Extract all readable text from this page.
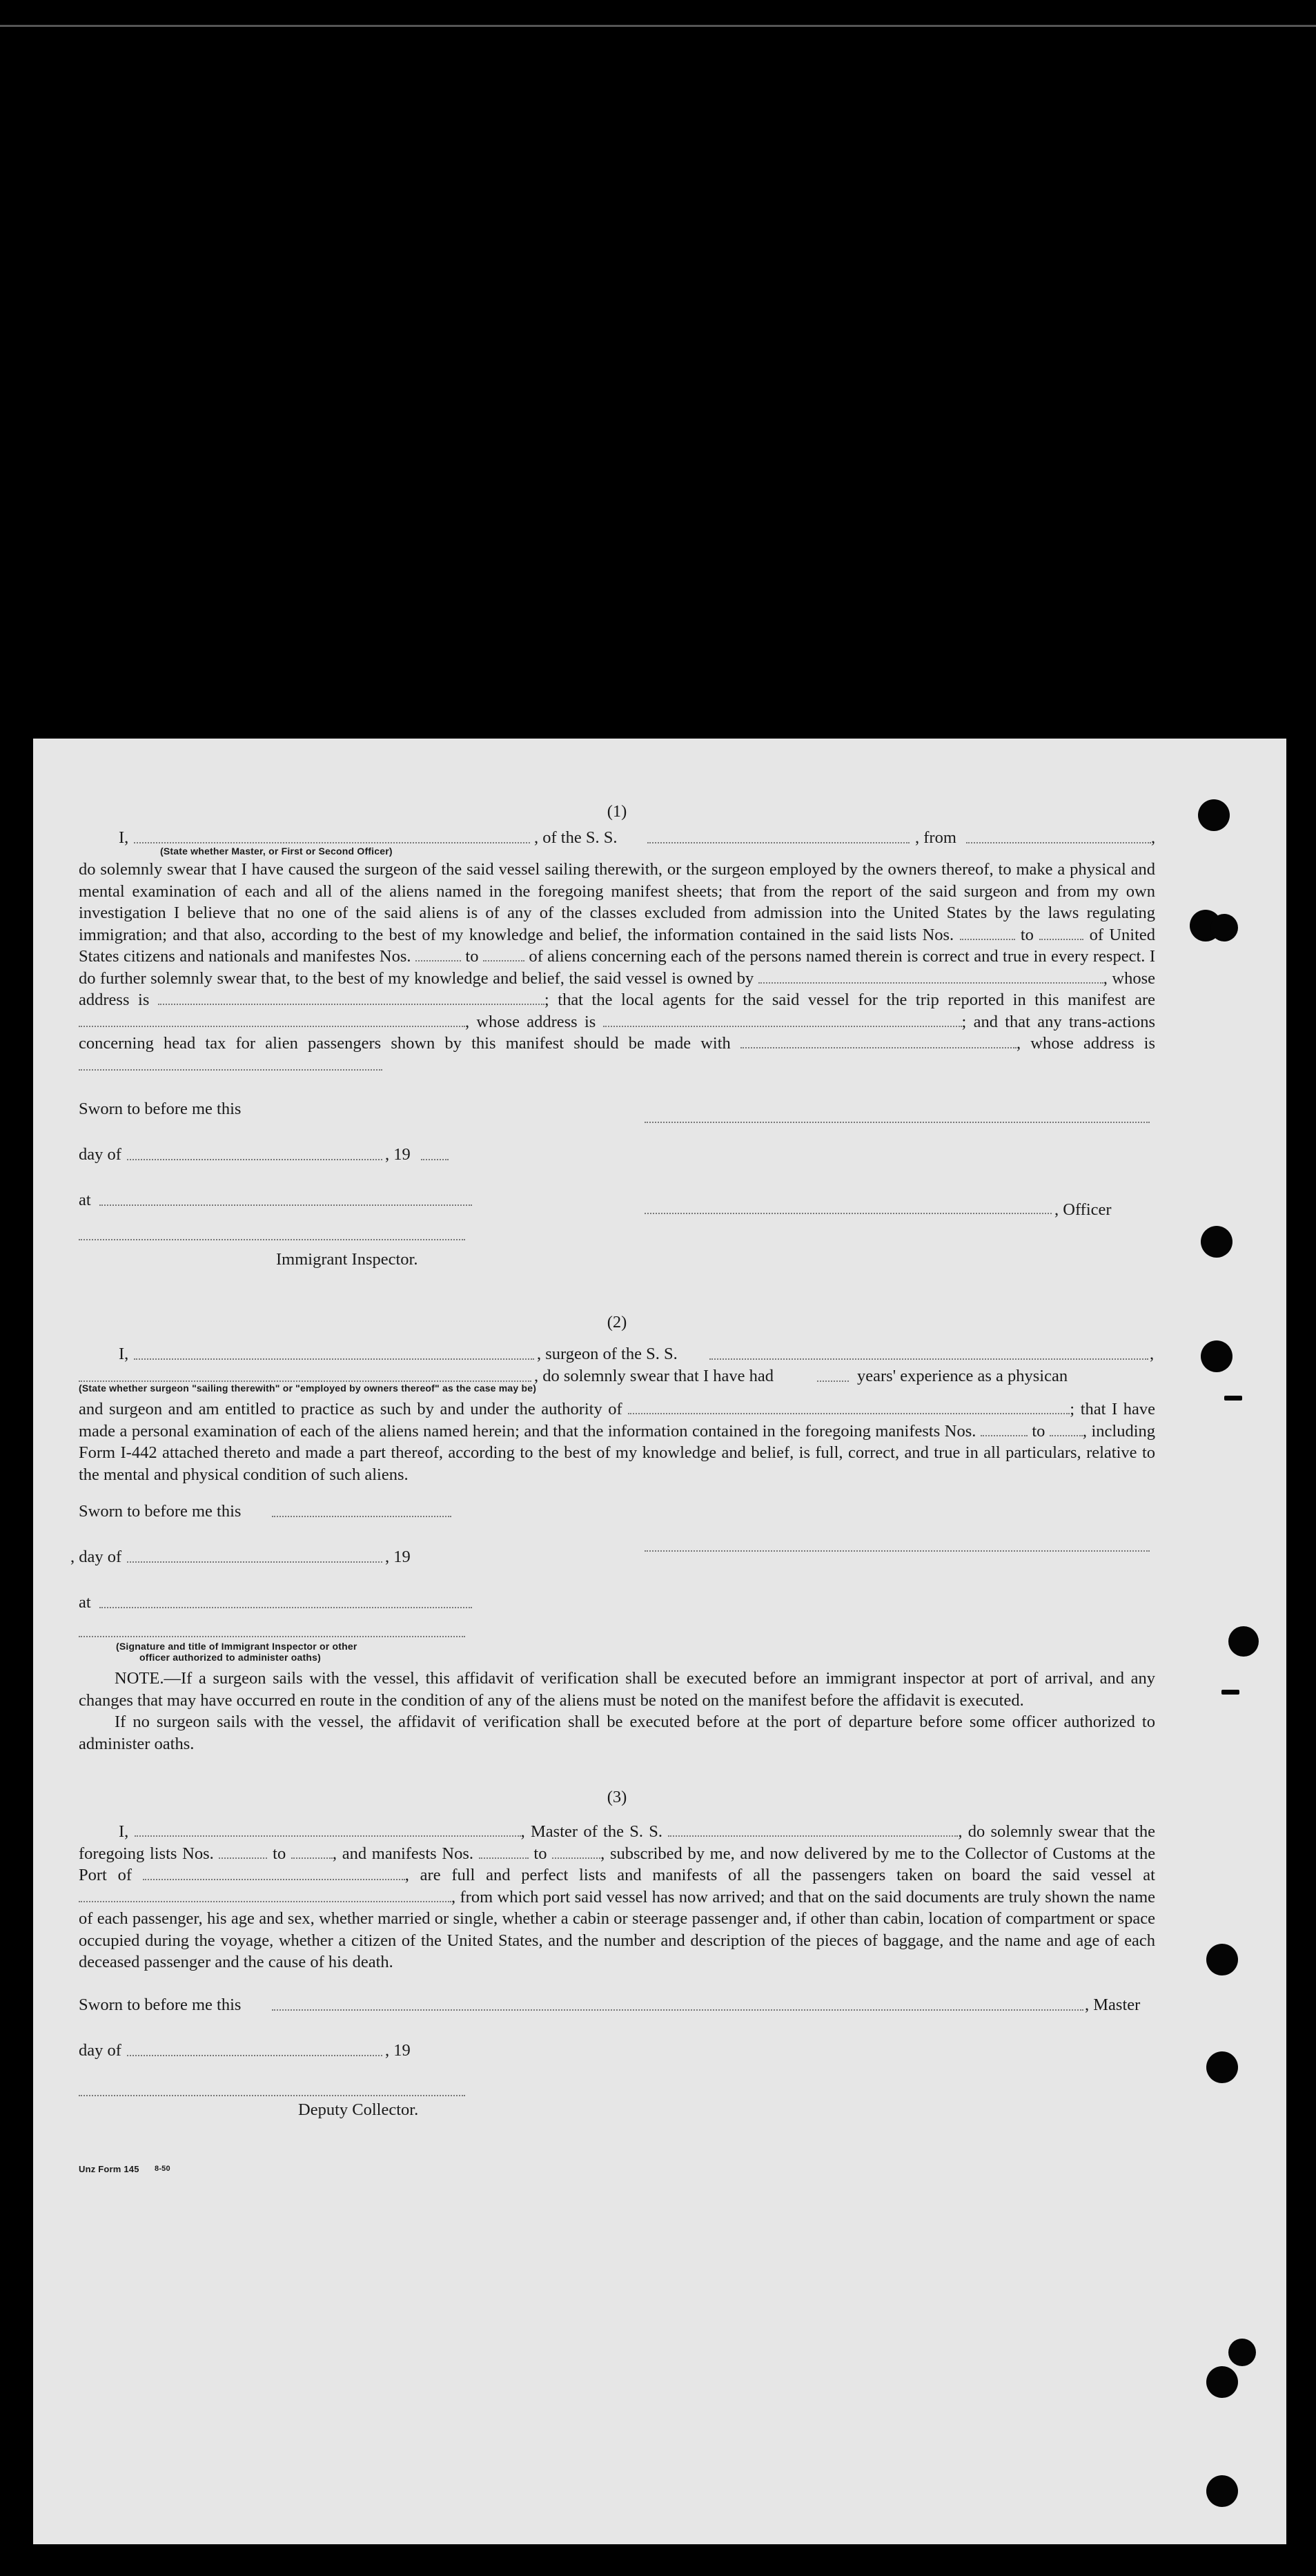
(1)
I,	, of the S. S.	, from	,
(State whether Master, or First or Second Officer)

do solemnly swear that I have caused the surgeon of the said vessel sailing therewith, or the surgeon employed by the owners thereof, to make a physical and mental examination of each and all of the aliens named in the foregoing manifest sheets; that from the report of the said surgeon and from my own investigation I believe that no one of the said aliens is of any of the classes excluded from admission into the United States by the laws regulating immigration; and that also, according to the best of my knowledge and belief, the information contained in the said lists Nos.	to	of United States citizens and nationals and manifestes Nos.	to	of aliens concerning each of the persons named therein is correct and true in every respect. I do further solemnly swear that, to the best of my knowledge and belief, the said vessel is owned by	, whose address is	; that the local agents for the said vessel for the trip reported in this manifest are , whose address is	; and that any trans-actions concerning head tax for alien passengers shown by this manifest should be made with	, whose address is

Sworn to before me this
day of	, 19
at
, Officer
Immigrant Inspector.
(2)
I,	, surgeon of the S. S.	,
, do solemnly swear that I have had	years' experience as a physican
(State whether surgeon "sailing therewith" or "employed by owners thereof" as the case may be)

and surgeon and am entitled to practice as such by and under the authority of	; that I have made a personal examination of each of the aliens named herein; and that the information contained in the foregoing manifests Nos.	to , including Form I-442 attached thereto and made a part thereof, according to the best of my knowledge and belief, is full, correct, and true in all particulars, relative to the mental and physical condition of such aliens.

Sworn to before me this
, day of	, 19
at
(Signature and title of Immigrant Inspector or other
officer authorized to administer oaths)

NOTE.—If a surgeon sails with the vessel, this affidavit of verification shall be executed before an immigrant inspector at port of arrival, and any changes that may have occurred en route in the condition of any of the aliens must be noted on the manifest before the affidavit is executed.

If no surgeon sails with the vessel, the affidavit of verification shall be executed before at the port of departure before some officer authorized to administer oaths.

(3)

I,	, Master of the S. S.	, do solemnly swear that the foregoing lists Nos.	to	, and manifests Nos.	to	, subscribed by me, and now delivered by me to the Collector of Customs at the Port of	, are full and perfect lists and manifests of all the passengers taken on board the said vessel at , from which port said vessel has now arrived; and that on the said documents are truly shown the name of each passenger, his age and sex, whether married or single, whether a cabin or steerage passenger and, if other than cabin, location of compartment or space occupied during the voyage, whether a citizen of the United States, and the number and description of the pieces of baggage, and the name and age of each deceased passenger and the cause of his death.

Sworn to before me this	, Master
day of	, 19
Deputy Collector.
Unz Form 145 8-50
